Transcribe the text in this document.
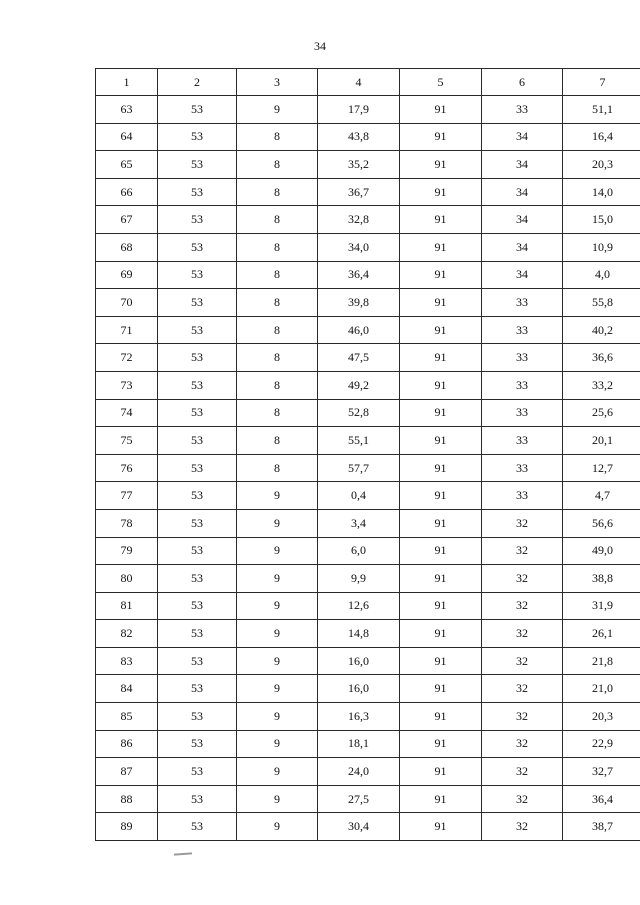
34
1	2	3	4	5	6	7
63	53	9	17,9	91	33	51,1
64	53	8	43,8	91	34	16,4
65	53	8	35,2	91	34	20,3
66	53	8	36,7	91	34	14,0
67	53	8	32,8	91	34	15,0
68	53	8	34,0	91	34	10,9
69	53	8	36,4	91	34	4,0
70	53	8	39,8	91	33	55,8
71	53	8	46,0	91	33	40,2
72	53	8	47,5	91	33	36,6
73	53	8	49,2	91	33	33,2
74	53	8	52,8	91	33	25,6
75	53	8	55,1	91	33	20,1
76	53	8	57,7	91	33	12,7
77	53	9	0,4	91	33	4,7
78	53	9	3,4	91	32	56,6
79	53	9	6,0	91	32	49,0
80	53	9	9,9	91	32	38,8
81	53	9	12,6	91	32	31,9
82	53	9	14,8	91	32	26,1
83	53	9	16,0	91	32	21,8
84	53	9	16,0	91	32	21,0
85	53	9	16,3	91	32	20,3
86	53	9	18,1	91	32	22,9
87	53	9	24,0	91	32	32,7
88	53	9	27,5	91	32	36,4
89	53	9	30,4	91	32	38,7
